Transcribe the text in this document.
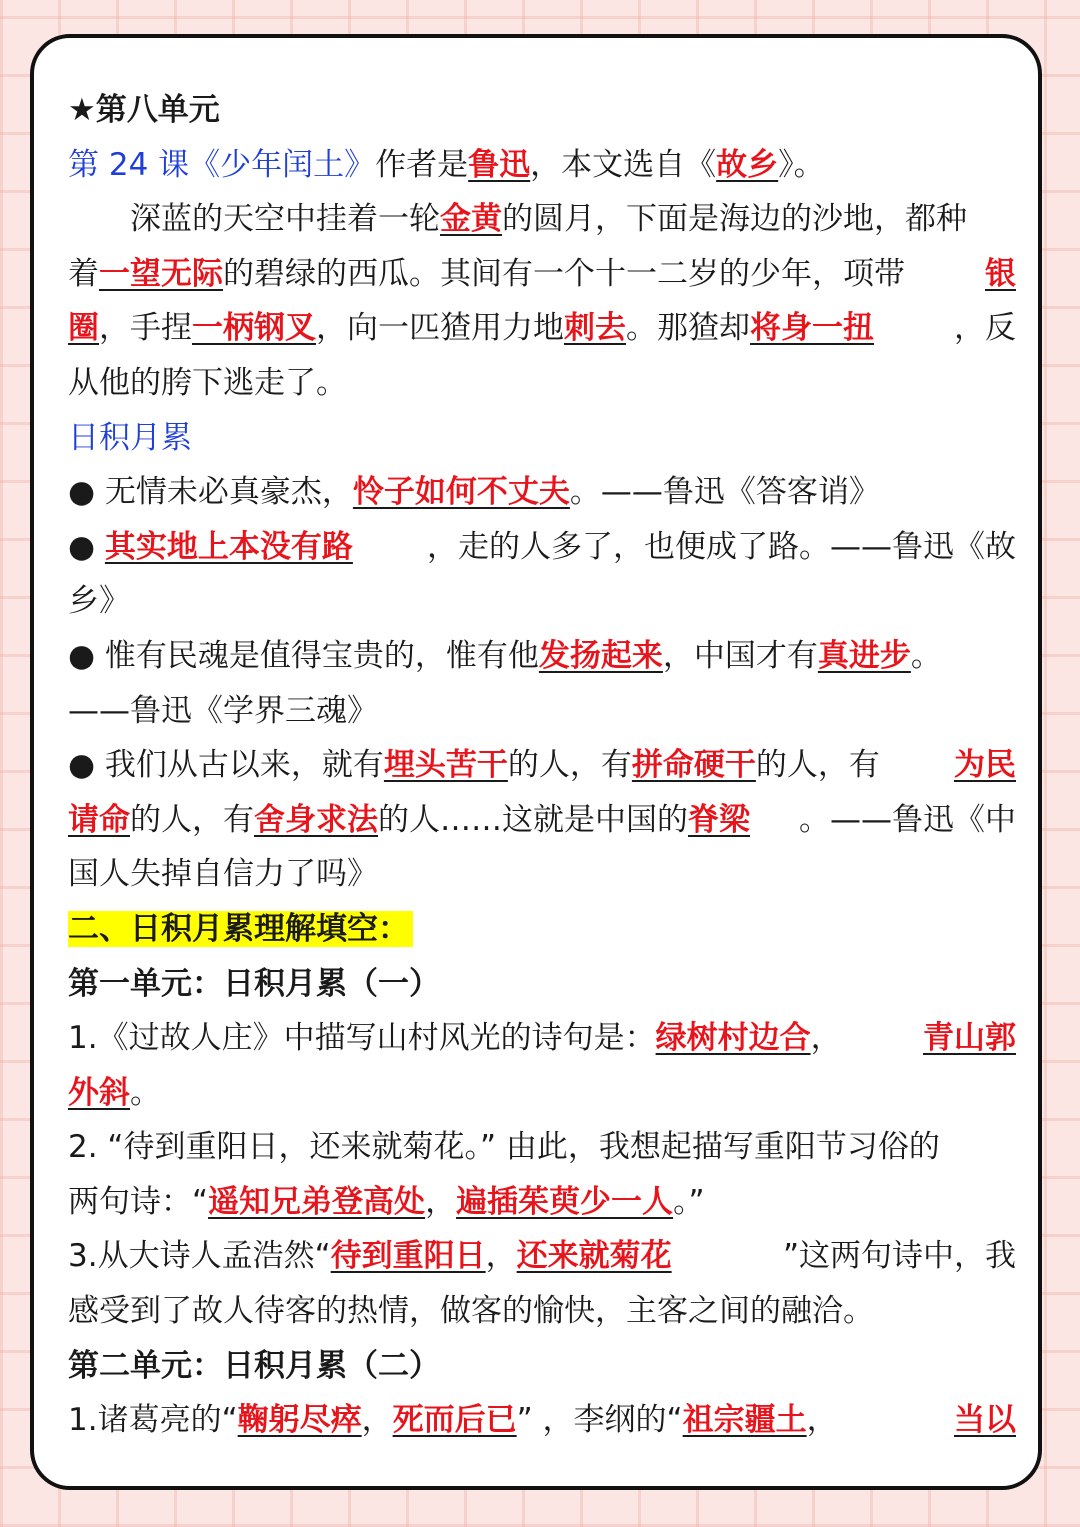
★第八单元
第 24 课《少年闰土》作者是鲁迅，本文选自《故乡》。
深蓝的天空中挂着一轮金黄的圆月，下面是海边的沙地，都种
着一望无际的碧绿的西瓜。其间有一个十一二岁的少年，项带	银
圈，手捏一柄钢叉，向一匹猹用力地刺去。那猹却将身一扭	，反
从他的胯下逃走了。
日积月累
● 无情未必真豪杰，怜子如何不丈夫。——鲁迅《答客诮》
● 其实地上本没有路 ，走的人多了，也便成了路。——鲁迅《故
乡》
● 惟有民魂是值得宝贵的，惟有他发扬起来，中国才有真进步。
——鲁迅《学界三魂》
● 我们从古以来，就有埋头苦干的人，有拼命硬干的人，有 为民
请命的人，有舍身求法的人……这就是中国的脊梁 。——鲁迅《中
国人失掉自信力了吗》
二、日积月累理解填空：
第一单元：日积月累（一）
1.《过故人庄》中描写山村风光的诗句是：绿树村边合，	青山郭
外斜。
2. “待到重阳日，还来就菊花。” 由此，我想起描写重阳节习俗的
两句诗：“遥知兄弟登高处，遍插茱萸少一人。”
3.从大诗人孟浩然“待到重阳日，还来就菊花	”这两句诗中，我
感受到了故人待客的热情，做客的愉快，主客之间的融洽。
第二单元：日积月累（二）
1.诸葛亮的“鞠躬尽瘁，死而后已” ，李纲的“祖宗疆土，	当以
